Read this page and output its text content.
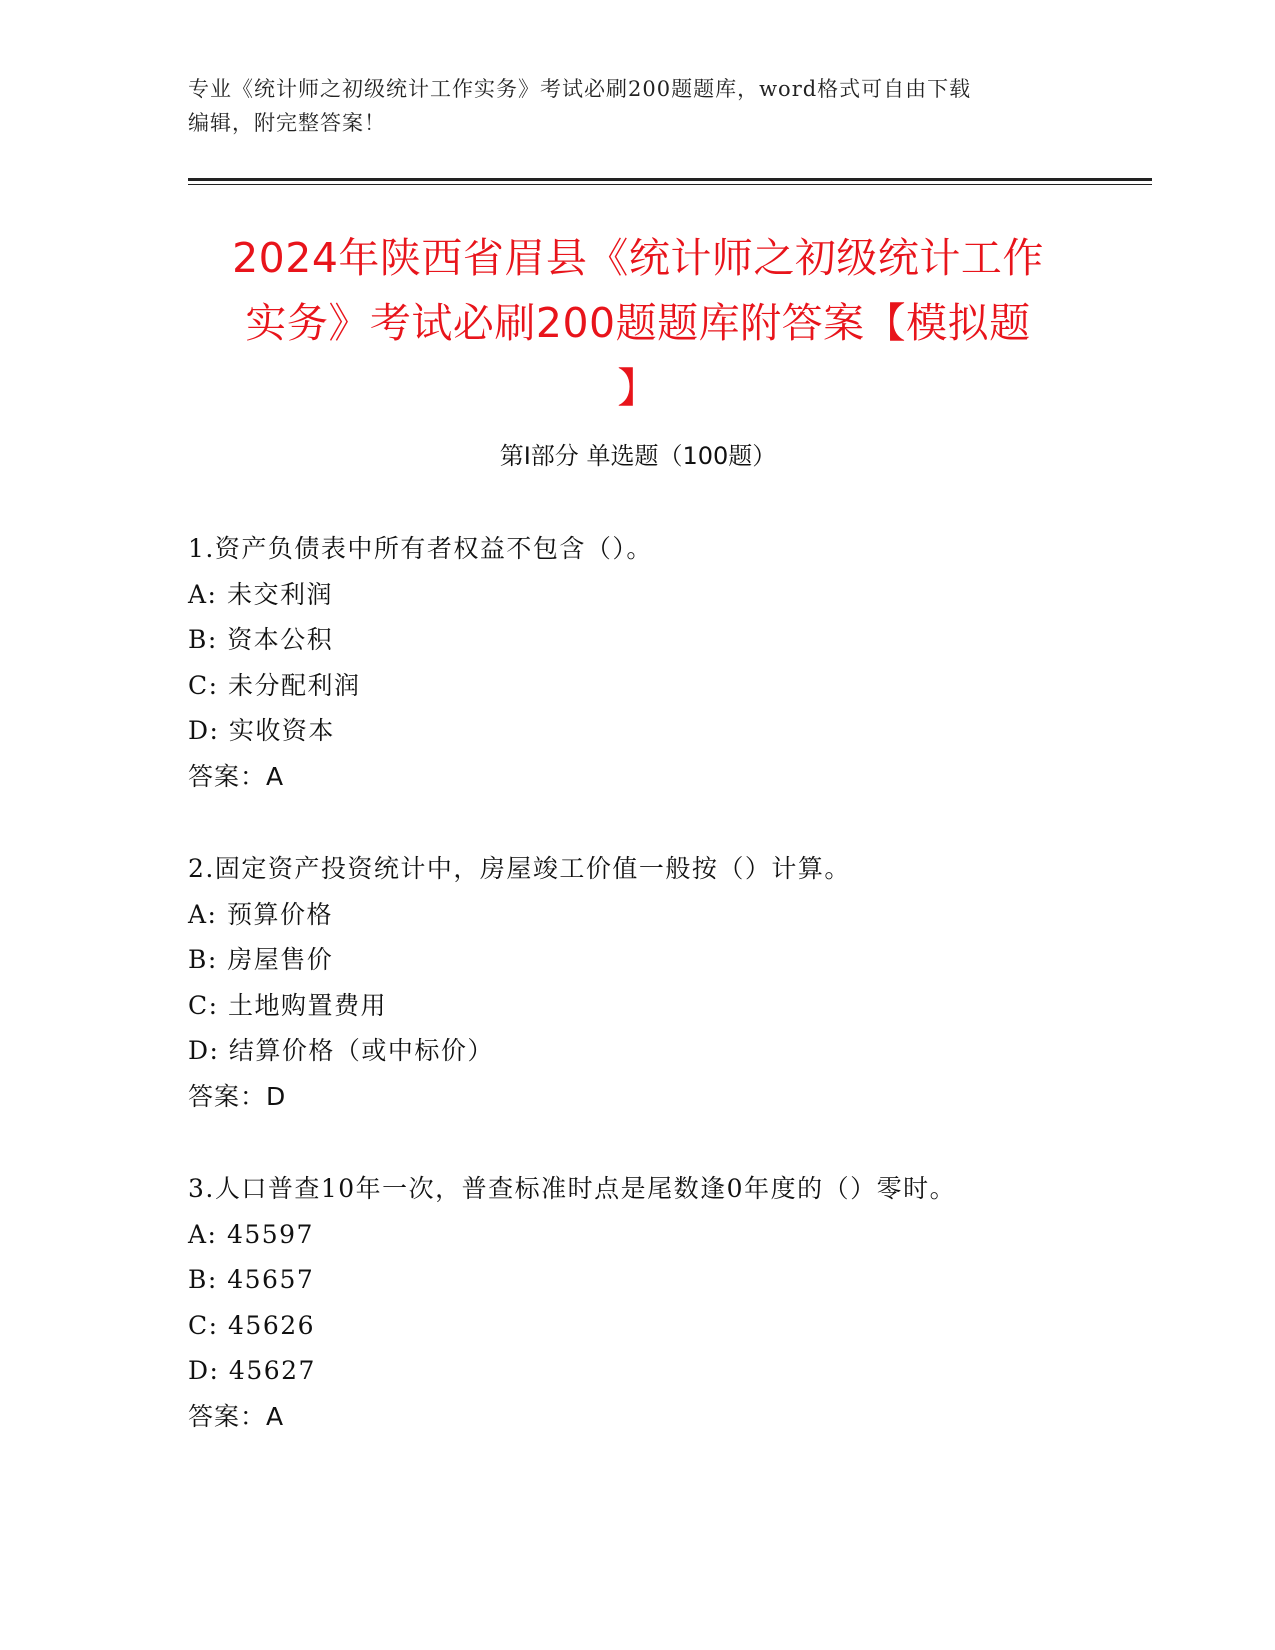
专业《统计师之初级统计工作实务》考试必刷200题题库，word格式可自由下载
编辑，附完整答案！
2024年陕西省眉县《统计师之初级统计工作
实务》考试必刷200题题库附答案【模拟题
】
第I部分 单选题（100题）
1.资产负债表中所有者权益不包含（）。
A: 未交利润
B: 资本公积
C: 未分配利润
D: 实收资本
答案：A
2.固定资产投资统计中，房屋竣工价值一般按（）计算。
A: 预算价格
B: 房屋售价
C: 土地购置费用
D: 结算价格（或中标价）
答案：D
3.人口普查10年一次，普查标准时点是尾数逢0年度的（）零时。
A: 45597
B: 45657
C: 45626
D: 45627
答案：A
